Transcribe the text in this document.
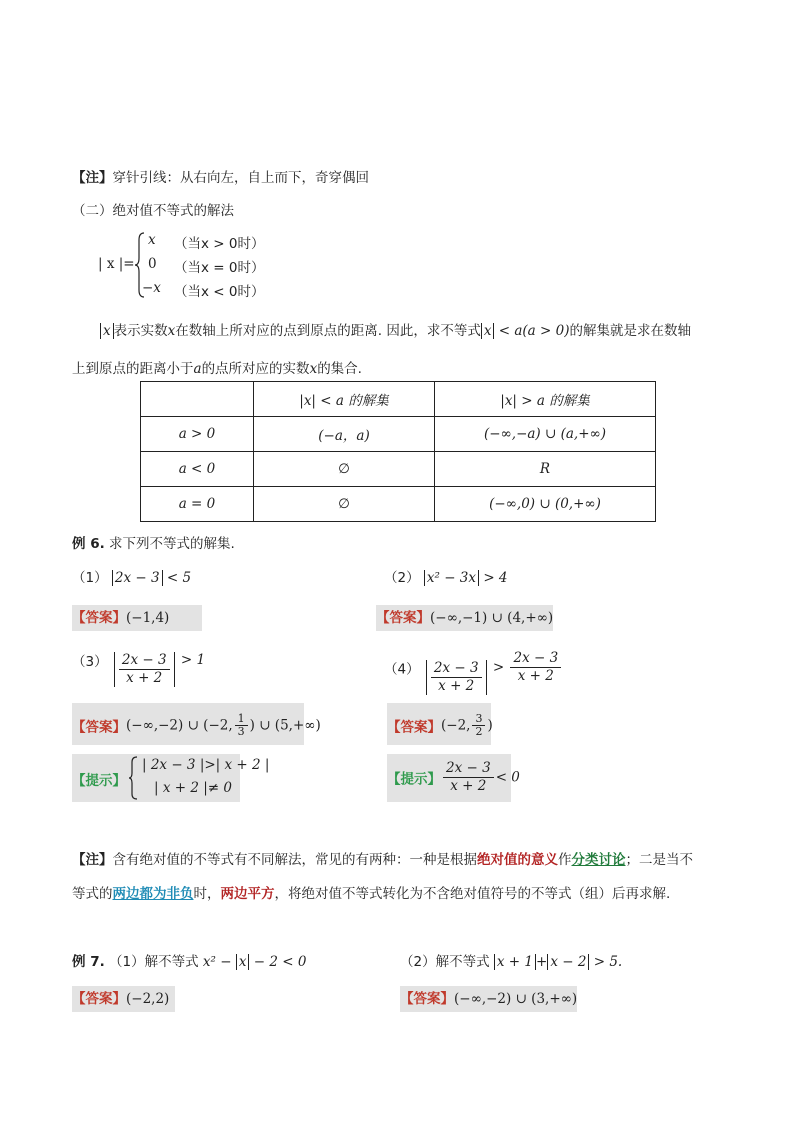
【注】穿针引线：从右向左，自上而下，奇穿偶回
（二）绝对值不等式的解法
| x |=
x （当x > 0时）
0 （当x = 0时）
−x （当x < 0时）
x 表示实数x在数轴上所对应的点到原点的距离. 因此，求不等式 x < a(a > 0)的解集就是求在数轴
上到原点的距离小于a的点所对应的实数x的集合.
	|x| < a 的解集	|x| > a 的解集
a > 0	(−a，a)	(−∞,−a) ∪ (a,+∞)
a < 0	∅	R
a = 0	∅	(−∞,0) ∪ (0,+∞)
例 6. 求下列不等式的解集.
（1） 2x − 3 < 5
【答案】(−1,4)
（2） x² − 3x > 4
【答案】(−∞,−1) ∪ (4,+∞)
$(3) \frac{2x - 3}{x + 2} > 1$
【答案】(−∞,−2) ∪ (−2, $\frac{1}{3}$ ) ∪ (5,+∞)
【提示】
| 2x − 3 |>| x + 2 |
| x + 2 |≠ 0
$(4) \frac{2x - 3}{x + 2} > \frac{2x - 3}{x + 2}$
【答案】(−2, $\frac{3}{2}$ )
【提示】 $\frac{2x - 3}{x + 2} < 0$
【注】含有绝对值的不等式有不同解法，常见的有两种：一种是根据绝对值的意义作分类讨论；二是当不
等式的两边都为非负时，两边平方，将绝对值不等式转化为不含绝对值符号的不等式（组）后再求解.
例 7. （1）解不等式 x² − x − 2 < 0
【答案】(−2,2)
（2）解不等式 x + 1 + x − 2 > 5.
【答案】(−∞,−2) ∪ (3,+∞)
